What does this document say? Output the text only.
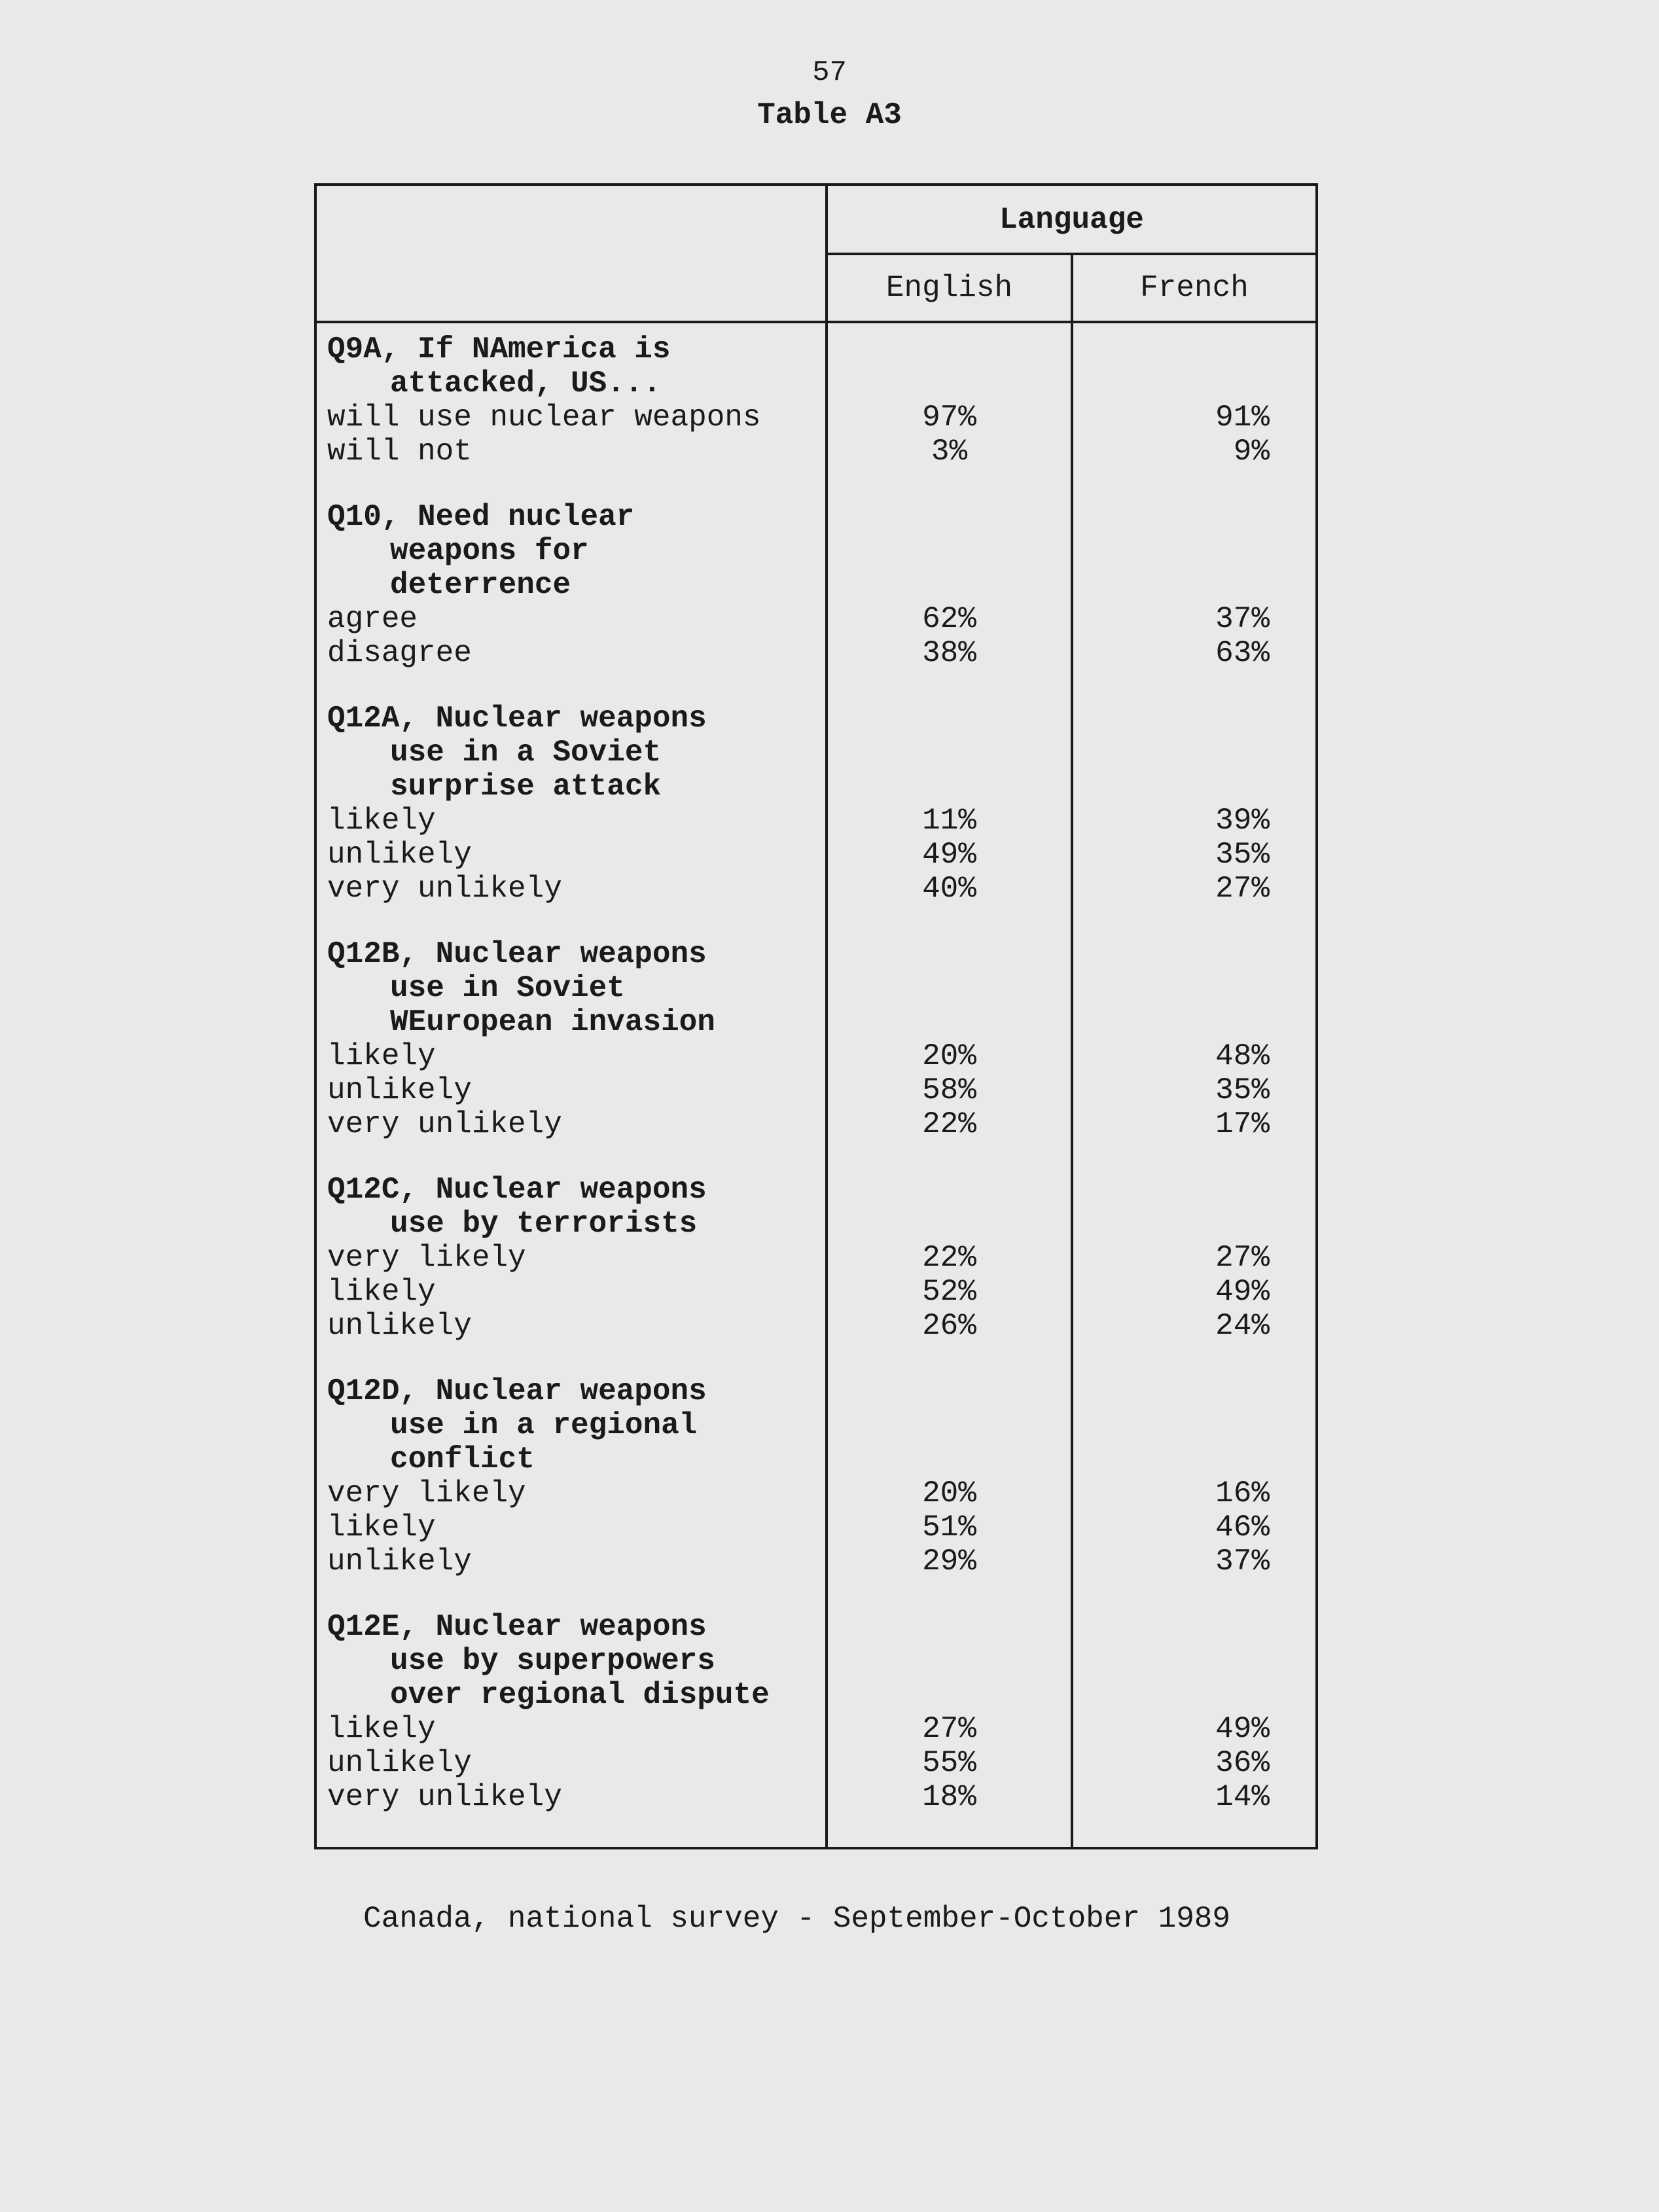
57
Table A3
Language
English	French
Q9A, If NAmerica is
attacked, US...
will use nuclear weapons	97%	91%
will not	3%	9%
Q10, Need nuclear
weapons for
deterrence
agree	62%	37%
disagree	38%	63%
Q12A, Nuclear weapons
use in a Soviet
surprise attack
likely	11%	39%
unlikely	49%	35%
very unlikely	40%	27%
Q12B, Nuclear weapons
use in Soviet
WEuropean invasion
likely	20%	48%
unlikely	58%	35%
very unlikely	22%	17%
Q12C, Nuclear weapons
use by terrorists
very likely	22%	27%
likely	52%	49%
unlikely	26%	24%
Q12D, Nuclear weapons
use in a regional
conflict
very likely	20%	16%
likely	51%	46%
unlikely	29%	37%
Q12E, Nuclear weapons
use by superpowers
over regional dispute
likely	27%	49%
unlikely	55%	36%
very unlikely	18%	14%
Canada, national survey - September-October 1989
